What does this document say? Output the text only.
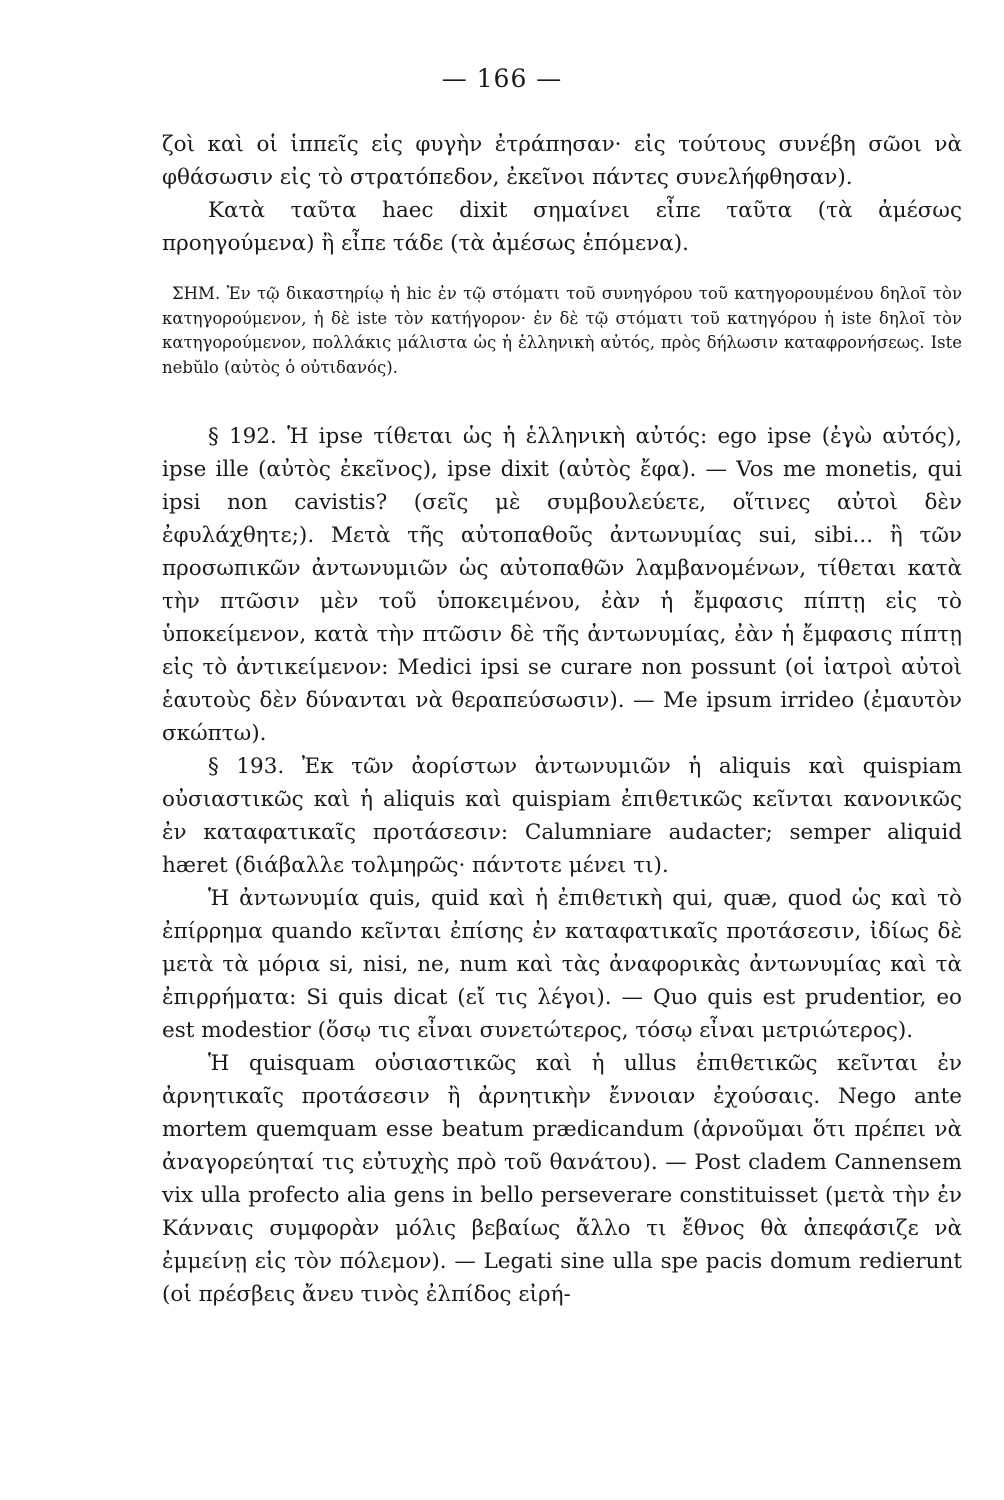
— 166 —

ζοὶ καὶ οἱ ἱππεῖς εἰς φυγὴν ἐτράπησαν· εἰς τούτους συνέβη σῶοι νὰ φθάσωσιν εἰς τὸ στρατόπεδον, ἐκεῖνοι πάντες συνελήφθησαν).

Κατὰ ταῦτα haec dixit σημαίνει εἶπε ταῦτα (τὰ ἀμέσως προηγούμενα) ἢ εἶπε τάδε (τὰ ἀμέσως ἑπόμενα).

ΣΗΜ. Ἐν τῷ δικαστηρίῳ ἡ hic ἐν τῷ στόματι τοῦ συνηγόρου τοῦ κατηγορουμένου δηλοῖ τὸν κατηγορούμενον, ἡ δὲ iste τὸν κατήγορον· ἐν δὲ τῷ στόματι τοῦ κατηγόρου ἡ iste δηλοῖ τὸν κατηγορούμενον, πολλάκις μάλιστα ὡς ἡ ἑλληνικὴ αὐτός, πρὸς δήλωσιν καταφρονήσεως. Iste nebŭlo (αὐτὸς ὁ οὐτιδανός).

§ 192. Ἡ ipse τίθεται ὡς ἡ ἑλληνικὴ αὐτός: ego ipse (ἐγὼ αὐτός), ipse ille (αὐτὸς ἐκεῖνος), ipse dixit (αὐτὸς ἔφα). — Vos me monetis, qui ipsi non cavistis? (σεῖς μὲ συμβουλεύετε, οἵτινες αὐτοὶ δὲν ἐφυλάχθητε;). Μετὰ τῆς αὐτοπαθοῦς ἀντωνυμίας sui, sibi... ἢ τῶν προσωπικῶν ἀντωνυμιῶν ὡς αὐτοπαθῶν λαμβανομένων, τίθεται κατὰ τὴν πτῶσιν μὲν τοῦ ὑποκειμένου, ἐὰν ἡ ἔμφασις πίπτῃ εἰς τὸ ὑποκείμενον, κατὰ τὴν πτῶσιν δὲ τῆς ἀντωνυμίας, ἐὰν ἡ ἔμφασις πίπτῃ εἰς τὸ ἀντικείμενον: Medici ipsi se curare non possunt (οἱ ἰατροὶ αὐτοὶ ἑαυτοὺς δὲν δύνανται νὰ θεραπεύσωσιν). — Me ipsum irrideo (ἐμαυτὸν σκώπτω).

§ 193. Ἐκ τῶν ἀορίστων ἀντωνυμιῶν ἡ aliquis καὶ quispiam οὐσιαστικῶς καὶ ἡ aliquis καὶ quispiam ἐπιθετικῶς κεῖνται κανονικῶς ἐν καταφατικαῖς προτάσεσιν: Calumniare audacter; semper aliquid hæret (διάβαλλε τολμηρῶς· πάντοτε μένει τι).

Ἡ ἀντωνυμία quis, quid καὶ ἡ ἐπιθετικὴ qui, quæ, quod ὡς καὶ τὸ ἐπίρρημα quando κεῖνται ἐπίσης ἐν καταφατικαῖς προτάσεσιν, ἰδίως δὲ μετὰ τὰ μόρια si, nisi, ne, num καὶ τὰς ἀναφορικὰς ἀντωνυμίας καὶ τὰ ἐπιρρήματα: Si quis dicat (εἴ τις λέγοι). — Quo quis est prudentior, eo est modestior (ὅσῳ τις εἶναι συνετώτερος, τόσῳ εἶναι μετριώτερος).

Ἡ quisquam οὐσιαστικῶς καὶ ἡ ullus ἐπιθετικῶς κεῖνται ἐν ἀρνητικαῖς προτάσεσιν ἢ ἀρνητικὴν ἔννοιαν ἐχούσαις. Nego ante mortem quemquam esse beatum prædicandum (ἀρνοῦμαι ὅτι πρέπει νὰ ἀναγορεύηταί τις εὐτυχὴς πρὸ τοῦ θανάτου). — Post cladem Cannensem vix ulla profecto alia gens in bello perseverare constituisset (μετὰ τὴν ἐν Κάνναις συμφορὰν μόλις βεβαίως ἄλλο τι ἔθνος θὰ ἀπεφάσιζε νὰ ἐμμείνῃ εἰς τὸν πόλεμον). — Legati sine ulla spe pacis domum redierunt (οἱ πρέσβεις ἄνευ τινὸς ἐλπίδος εἰρή-
